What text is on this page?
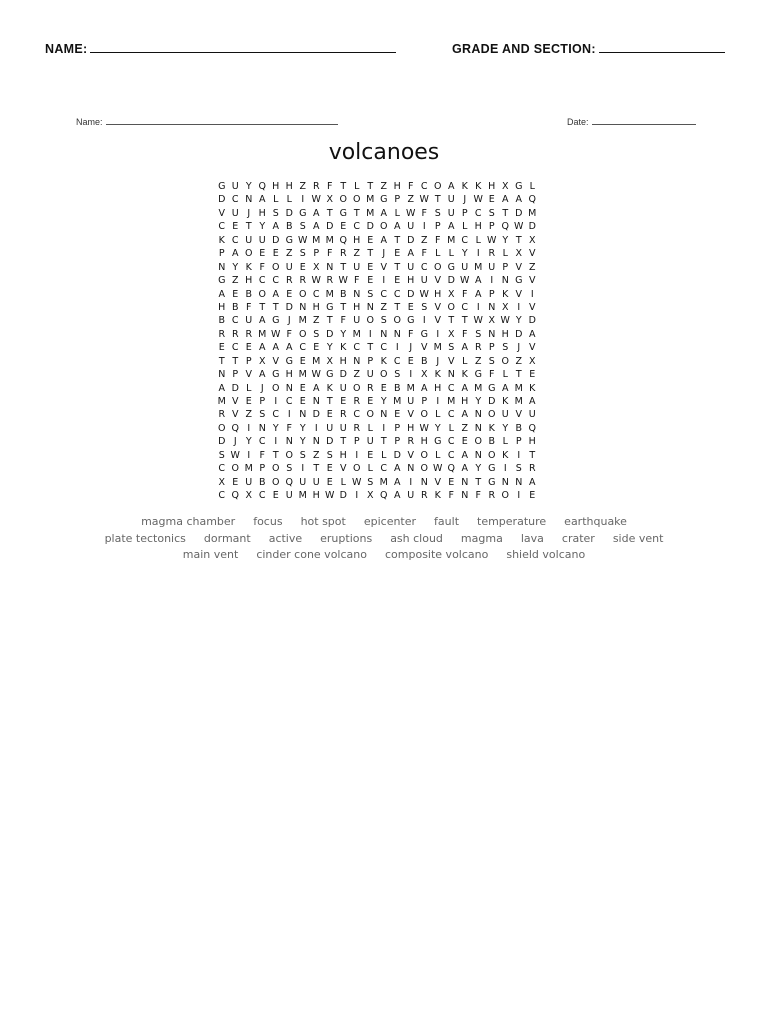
NAME:	GRADE AND SECTION:
Name:	Date:
volcanoes
G U Y Q H H Z R F T L T Z H F C O A K K H X G L
D C N A L L I W X O O M G P Z W T U J W E A A Q
V U J H S D G A T G T M A L W F S U P C S T D M
C E T Y A B S A D E C D O A U I P A L H P Q W D
K C U U D G W M M Q H E A T D Z F M C L W Y T X
P A O E E Z S P F R Z T J E A F L L Y I R L X V
N Y K F O U E X N T U E V T U C O G U M U P V Z
G Z H C C R R W R W F E I E H U V D W A I N G V
A E B O A E O C M B N S C C D W H X F A P K V I
H B F T T D N H G T H N Z T E S V O C I N X I V
B C U A G J M Z T F U O S O G I V T T W X W Y D
R R R M W F O S D Y M I N N F G I X F S N H D A
E C E A A A C E Y K C T C I	J V M S A R P S J V
T T P X V G E M X H N P K C E B J V L Z S O Z X
N P V A G H M W G D Z U O S I X K N K G F L T E
A D L J O N E A K U O R E B M A H C A M G A M K
M V E P I C E N T E R E Y M U P I M H Y D K M A
R V Z S C I N D E R C O N E V O L C A N O U V U
O Q I N Y F Y I U U R L I P H W Y L Z N K Y B Q
D J Y C I N Y N D T P U T P R H G C E O B L P H
S W I F T O S Z S H I E L D V O L C A N O K I T
C O M P O S I T E V O L C A N O W Q A Y G I S R
X E U B O Q U U E L W S M A I N V E N T G N N A
C Q X C E U M H W D I X Q A U R K F N F R O I E
magma chamber focus hot spot epicenter fault temperature earthquake
plate tectonics dormant active eruptions ash cloud magma lava crater side vent
main vent cinder cone volcano composite volcano shield volcano
